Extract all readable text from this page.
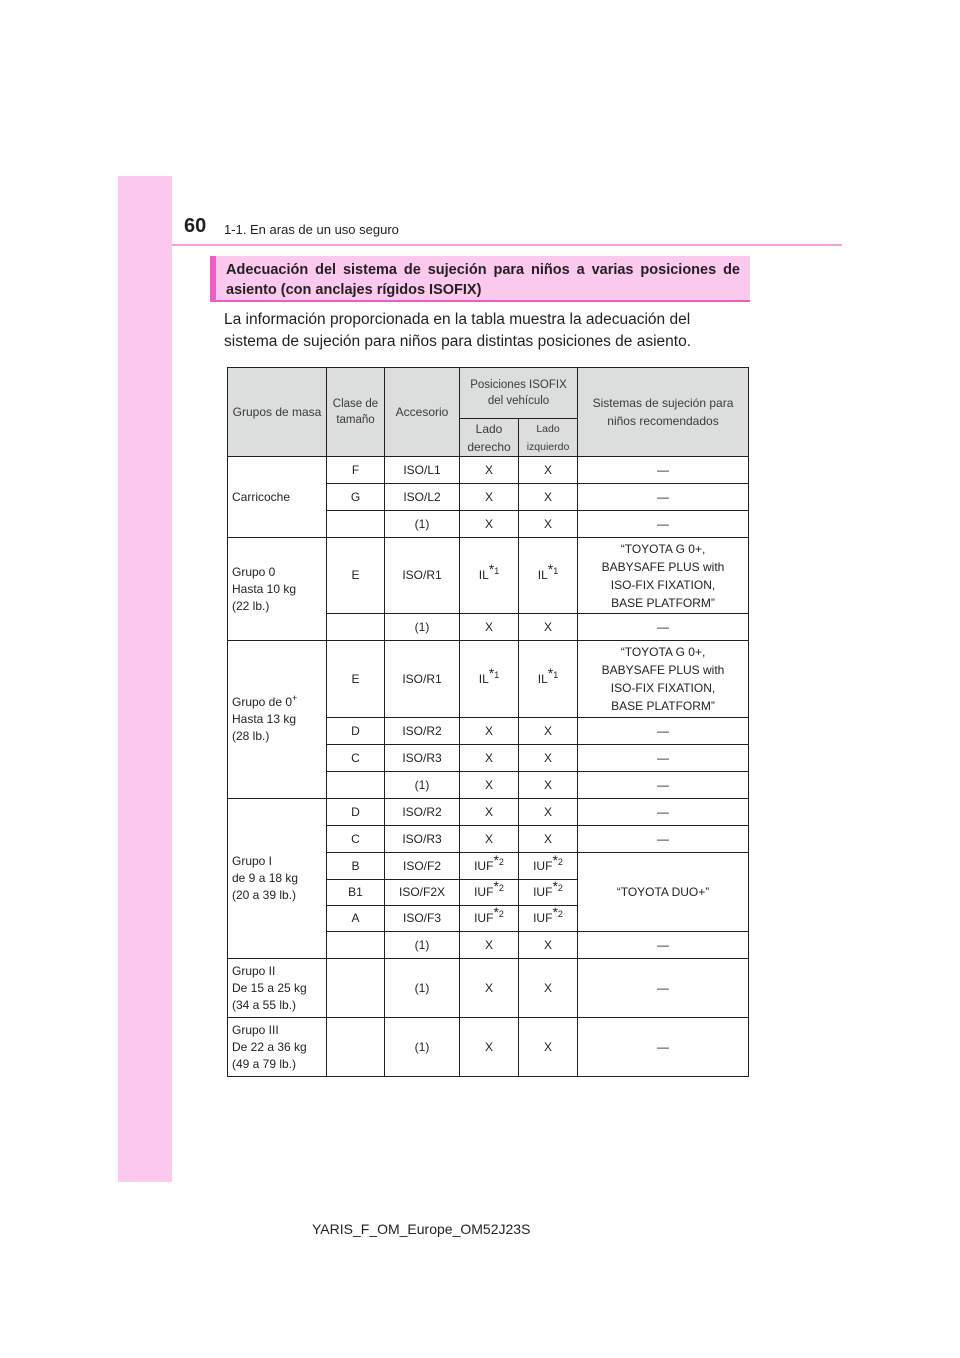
60 1-1. En aras de un uso seguro
Adecuación del sistema de sujeción para niños a varias posiciones de asiento (con anclajes rígidos ISOFIX)

La información proporcionada en la tabla muestra la adecuación del sistema de sujeción para niños para distintas posiciones de asiento.

Grupos de masa	Clase de tamaño	Accesorio	Posiciones ISOFIX del vehículo		Sistemas de sujeción para niños recomendados
			Lado derecho	Lado izquierdo	
Carricoche	F	ISO/L1	X	X	—
	G	ISO/L2	X	X	—
		(1)	X	X	—
Grupo 0
Hasta 10 kg
(22 lb.)	E	ISO/R1	IL$^{*1}$	IL$^{*1}$	“TOYOTA G 0+,
BABYSAFE PLUS with
ISO-FIX FIXATION,
BASE PLATFORM”
		(1)	X	X	—
Grupo de 0+
Hasta 13 kg
(28 lb.)	E	ISO/R1	IL$^{*1}$	IL$^{*1}$	“TOYOTA G 0+,
BABYSAFE PLUS with
ISO-FIX FIXATION,
BASE PLATFORM”
	D	ISO/R2	X	X	—
	C	ISO/R3	X	X	—
		(1)	X	X	—
Grupo I
de 9 a 18 kg
(20 a 39 lb.)	D	ISO/R2	X	X	—
	C	ISO/R3	X	X	—
	B	ISO/F2	IUF$^{*2}$	IUF$^{*2}$	“TOYOTA DUO+”
	B1	ISO/F2X	IUF$^{*2}$	IUF$^{*2}$
	A	ISO/F3	IUF$^{*2}$	IUF$^{*2}$
		(1)	X	X	—
Grupo II
De 15 a 25 kg
(34 a 55 lb.)		(1)	X	X	—
Grupo III
De 22 a 36 kg
(49 a 79 lb.)		(1)	X	X	—
YARIS_F_OM_Europe_OM52J23S
